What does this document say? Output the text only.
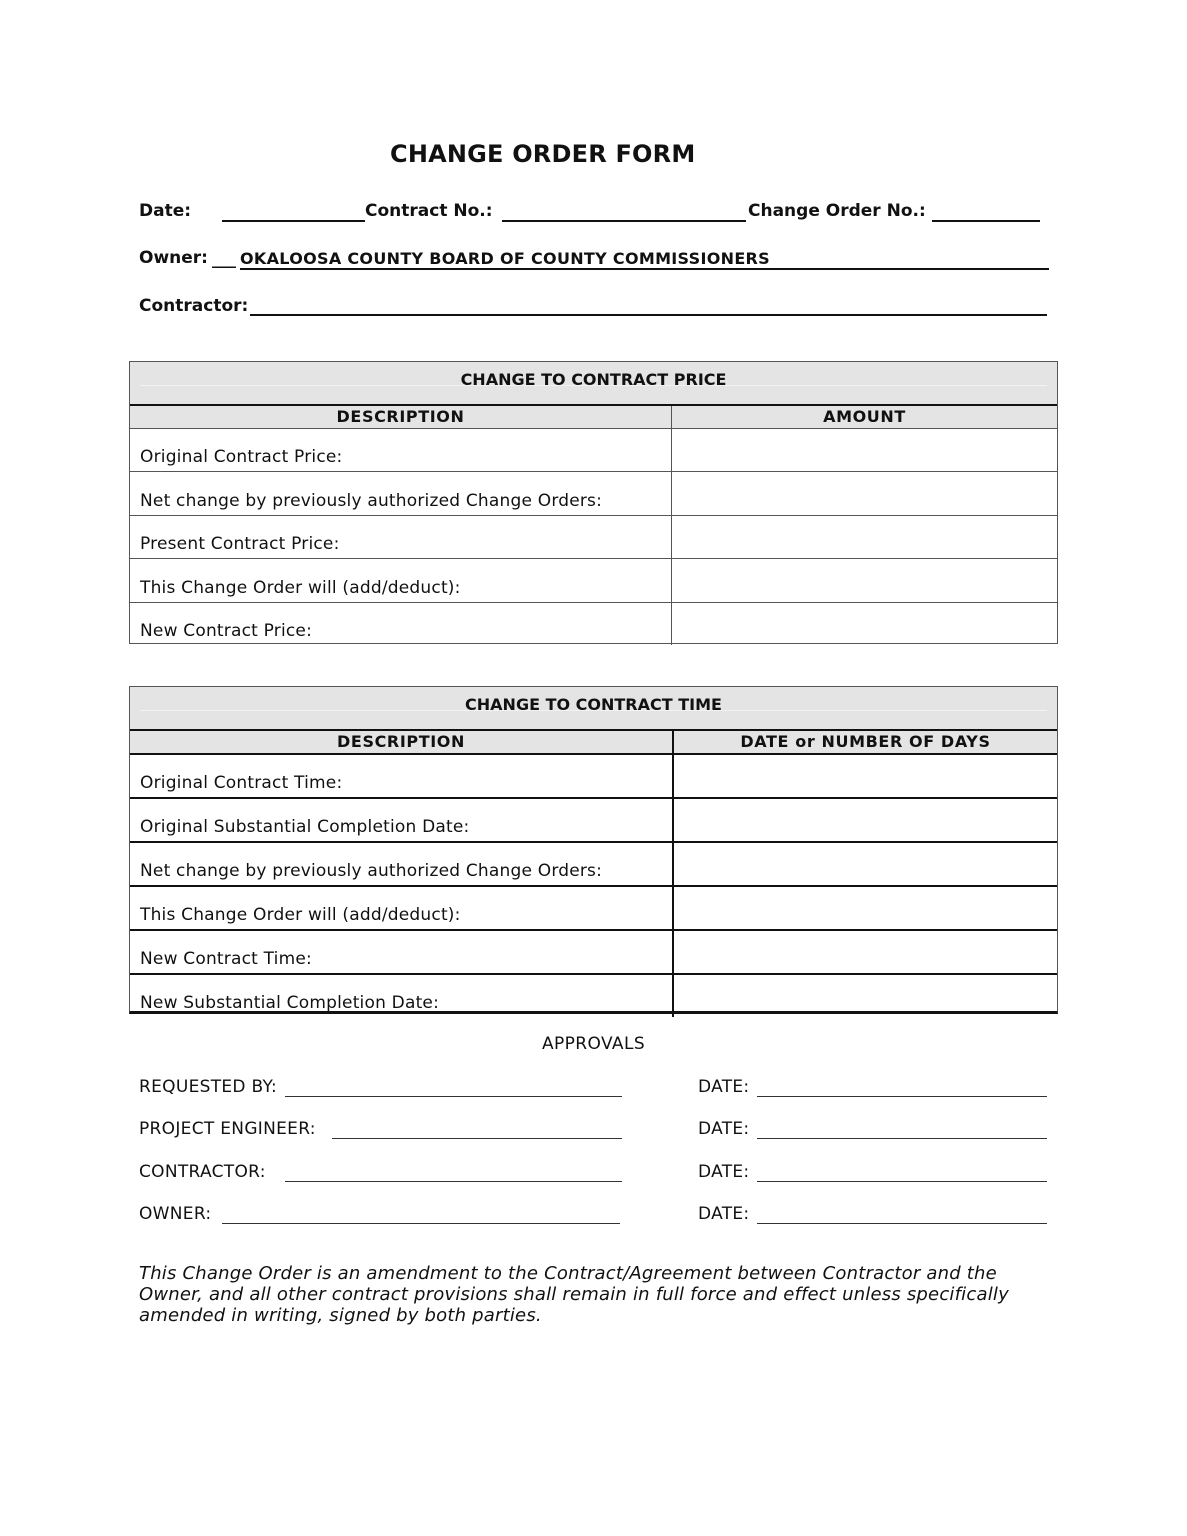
CHANGE ORDER FORM
Date:	Contract No.:	Change Order No.:
Owner: ___ OKALOOSA COUNTY BOARD OF COUNTY COMMISSIONERS
Contractor:
CHANGE TO CONTRACT PRICE
DESCRIPTION	AMOUNT
Original Contract Price:
Net change by previously authorized Change Orders:
Present Contract Price:
This Change Order will (add/deduct):
New Contract Price:
CHANGE TO CONTRACT TIME
DESCRIPTION	DATE or NUMBER OF DAYS
Original Contract Time:
Original Substantial Completion Date:
Net change by previously authorized Change Orders:
This Change Order will (add/deduct):
New Contract Time:
New Substantial Completion Date:
APPROVALS
REQUESTED BY:	DATE:
PROJECT ENGINEER:	DATE:
CONTRACTOR:	DATE:
OWNER:	DATE:
This Change Order is an amendment to the Contract/Agreement between Contractor and the Owner, and all other contract provisions shall remain in full force and effect unless specifically amended in writing, signed by both parties.
